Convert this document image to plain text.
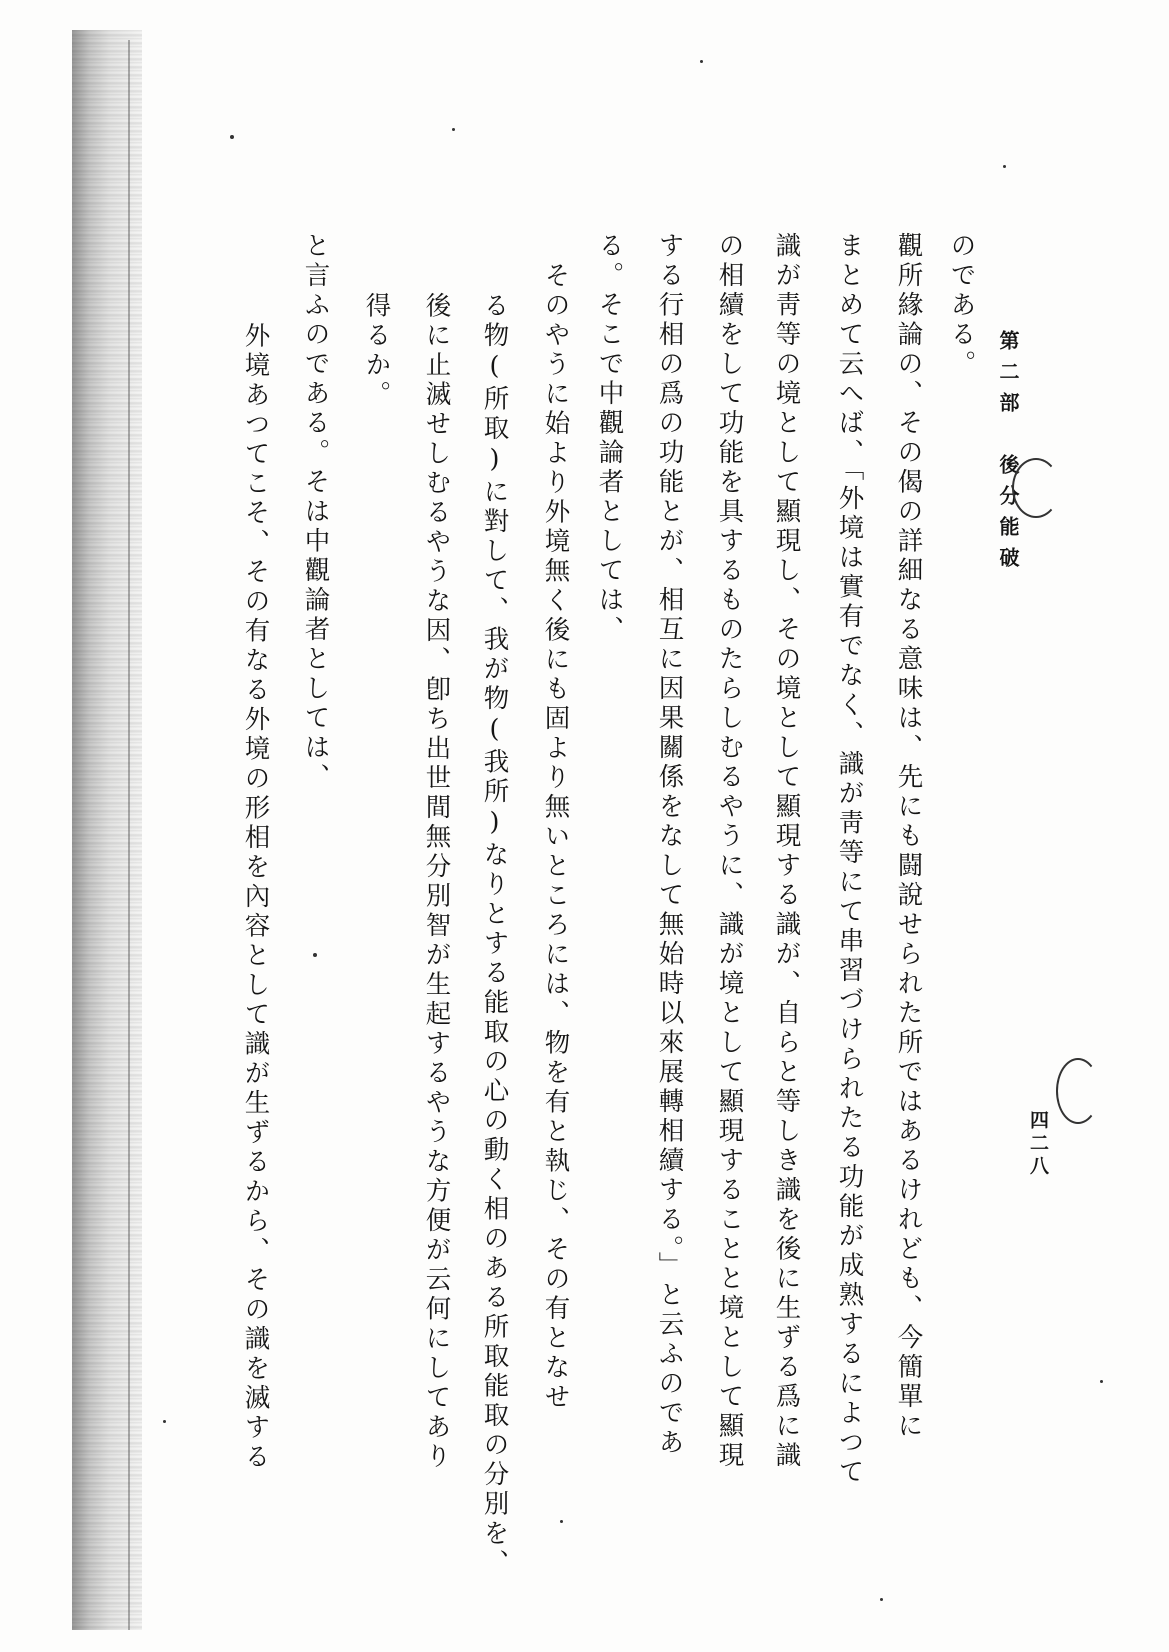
第二部　後分能破
四二八
のである。
觀所緣論の、その偈の詳細なる意味は、先にも闘說せられた所ではあるけれども、今簡單に
まとめて云へば、「外境は實有でなく、識が靑等にて串習づけられたる功能が成熟するによつて
識が靑等の境として顯現し、その境として顯現する識が、自らと等しき識を後に生ずる爲に識
の相續をして功能を具するものたらしむるやうに、識が境として顯現することと境として顯現
する行相の爲の功能とが、相互に因果關係をなして無始時以來展轉相續する。」と云ふのであ
る。そこで中觀論者としては、
そのやうに始より外境無く後にも固より無いところには、物を有と執じ、その有となせ
る物(所取)に對して、我が物(我所)なりとする能取の心の動く相のある所取能取の分別を、
後に止滅せしむるやうな因、卽ち出世間無分別智が生起するやうな方便が云何にしてあり
得るか。
と言ふのである。そは中觀論者としては、
外境あつてこそ、その有なる外境の形相を內容として識が生ずるから、その識を滅する
